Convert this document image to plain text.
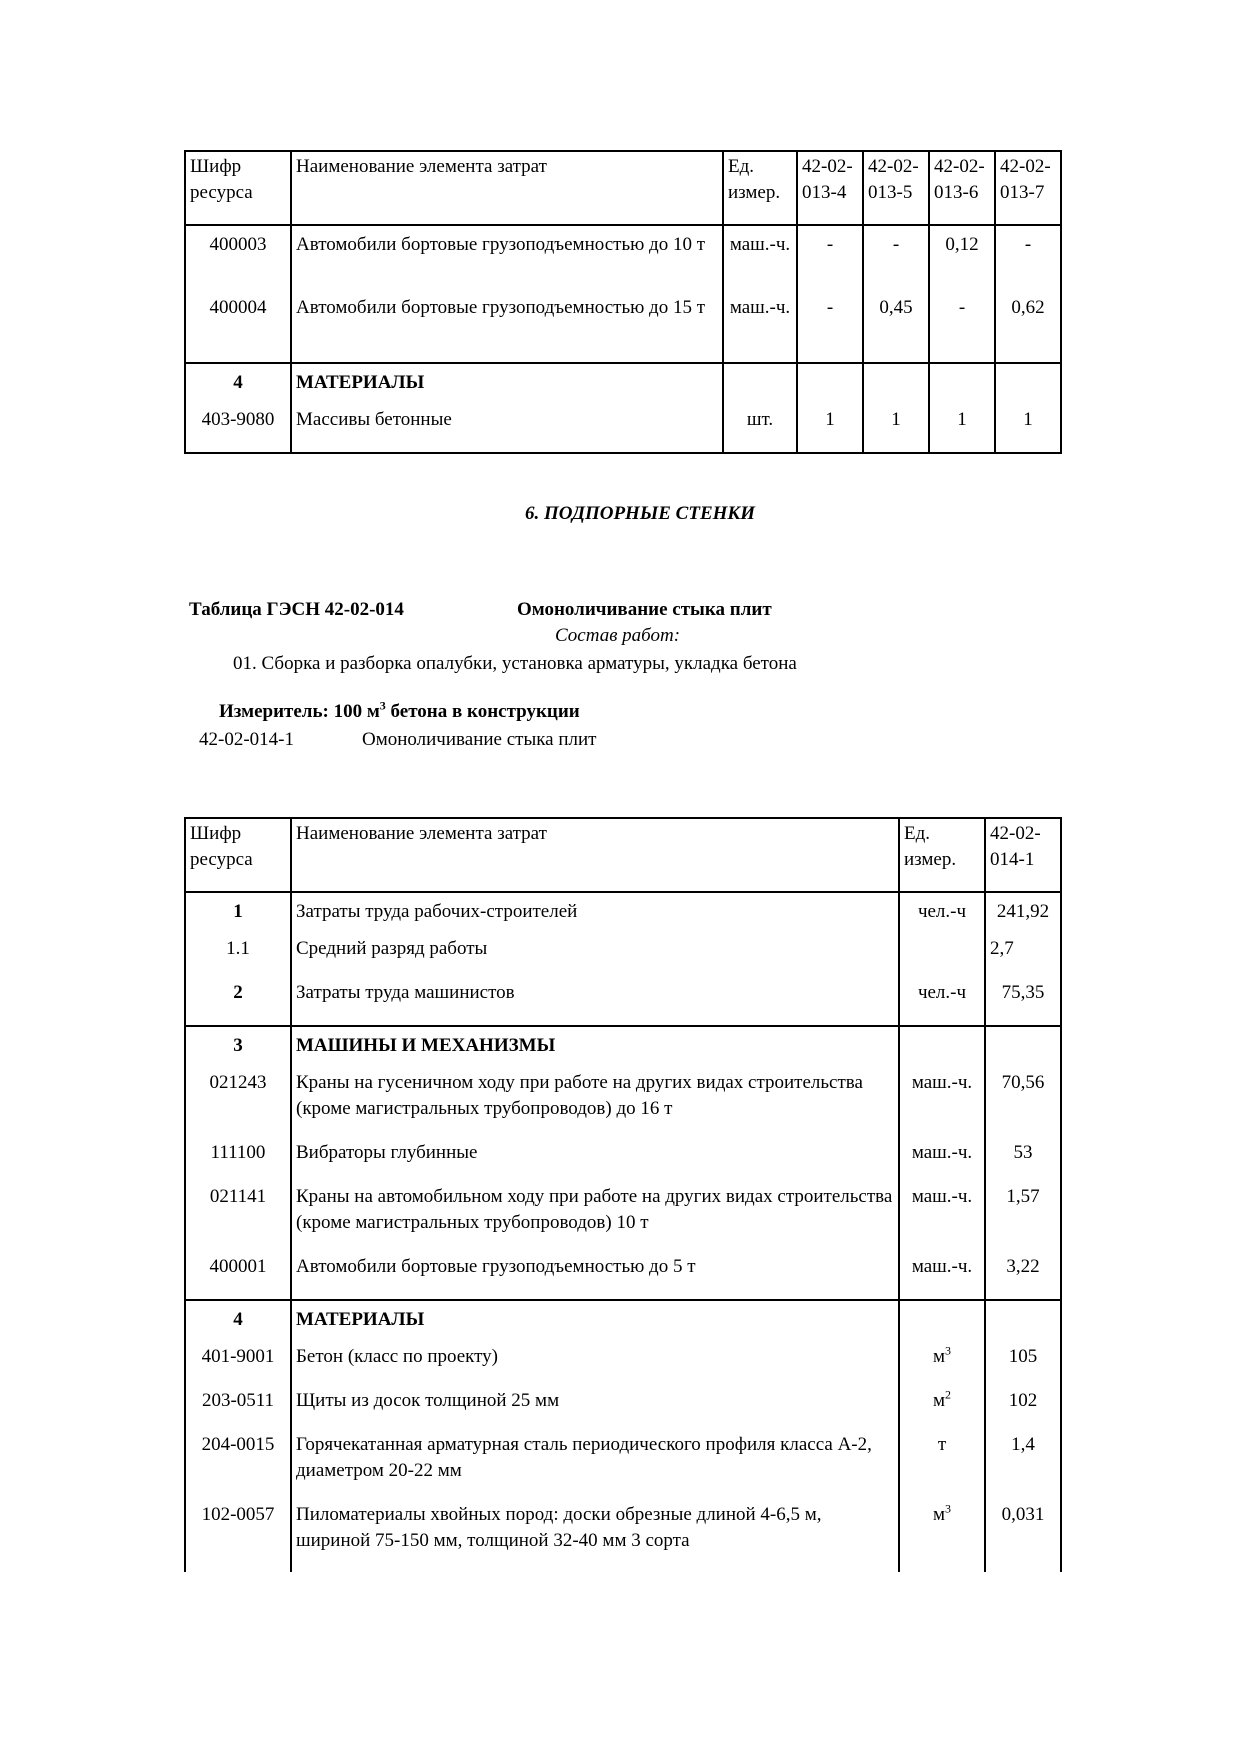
Шифр ресурса	Наименование элемента затрат	Ед. измер.	42-02-013-4	42-02-013-5	42-02-013-6	42-02-013-7
400003	Автомобили бортовые грузоподъемностью до 10 т	маш.-ч.	-	-	0,12	-
400004	Автомобили бортовые грузоподъемностью до 15 т	маш.-ч.	-	0,45	-	0,62
4	МАТЕРИАЛЫ					
403-9080	Массивы бетонные	шт.	1	1	1	1
6. ПОДПОРНЫЕ СТЕНКИ
Таблица ГЭСН 42-02-014	Омоноличивание стыка плит
Состав работ:
01. Сборка и разборка опалубки, установка арматуры, укладка бетона
Измеритель: 100 $м^3$ бетона в конструкции
42-02-014-1	Омоноличивание стыка плит
Шифр ресурса	Наименование элемента затрат	Ед. измер.	42-02-014-1
1	Затраты труда рабочих-строителей	чел.-ч	241,92
1.1	Средний разряд работы		2,7
2	Затраты труда машинистов	чел.-ч	75,35
3	МАШИНЫ И МЕХАНИЗМЫ		
021243	Краны на гусеничном ходу при работе на других видах строительства (кроме магистральных трубопроводов) до 16 т	маш.-ч.	70,56
111100	Вибраторы глубинные	маш.-ч.	53
021141	Краны на автомобильном ходу при работе на других видах строительства (кроме магистральных трубопроводов) 10 т	маш.-ч.	1,57
400001	Автомобили бортовые грузоподъемностью до 5 т	маш.-ч.	3,22
4	МАТЕРИАЛЫ		
401-9001	Бетон (класс по проекту)	$м^3$	105
203-0511	Щиты из досок толщиной 25 мм	$м^2$	102
204-0015	Горячекатанная арматурная сталь периодического профиля класса А-2, диаметром 20-22 мм	т	1,4
102-0057	Пиломатериалы хвойных пород: доски обрезные длиной 4-6,5 м, шириной 75-150 мм, толщиной 32-40 мм 3 сорта	$м^3$	0,031
